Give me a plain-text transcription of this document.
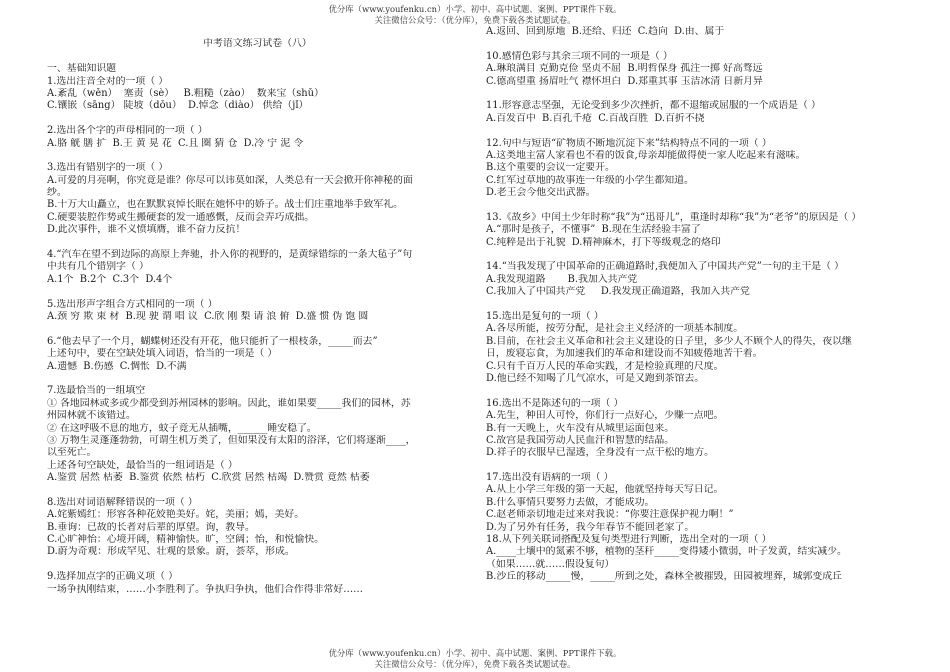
优分库（www.youfenku.cn）小学、初中、高中试题、案例、PPT课件下载。
关注微信公众号：（优分库），免费下载各类试题试卷。
中考语文练习试卷（八）
一、基础知识题
1.选出注音全对的一项（ ）
A.紊乱（wěn）  塞责（sè）   B.粗糙（zào）  数来宝（shǔ）
C.镶嵌（sāng） 陡坡（dǒu）  D.悼念（diào） 供给（jǐ）
2.选出各个字的声母相同的一项（ ）
A.胳 觥 膳 扩  B.王 黄 晃 花  C.且 圈 猜 仓  D.冷 宁 泥 令
3.选出有错别字的一项（ ）
A.可爱的月亮啊，你究竟是谁？你尽可以讳莫如深，人类总有一天会掀开你神秘的面
纱。
B.十万大山矗立，也在默默哀悼长眠在她怀中的娇子。战士们庄重地举手致军礼。
C.硬要装腔作势或生搬硬套的发一通感慨，反而会弄巧成拙。
D.此次事件，谁不义愤填膺，谁不奋力反抗！
4.“汽车在望不到边际的高原上奔驰，扑入你的视野的，是黄绿错综的一条大毡子”句
中共有几个错别字（ ）
A.1个  B.2个  C.3个  D.4个
5.选出形声字组合方式相同的一项（ ）
A.颈 穷 欺 束 材  B.现 驶 谓 唱 议  C.欣 刚 梨 请 浪 俯  D.盛 惯 伪 饱 圆
6.“他去早了一个月，蝴蝶树还没有开花，他只能折了一根枝条，_____而去”
上述句中，要在空缺处填入词语，恰当的一项是（ ）
A.遗憾  B.伤感  C.惆怅  D.不满
7.选最恰当的一组填空
① 各地园林或多或少都受到苏州园林的影响。因此，谁如果要_____我们的园林，苏
州园林就不该错过。
② 在这呼吸不息的地方，蚊子竟无从插嘴，______睡安稳了。
③ 万物生灵蓬蓬勃勃，可谓生机万类了，但如果没有太阳的浴泽，它们将逐渐____，
以至死亡。
上述各句空缺处，最恰当的一组词语是（ ）
A.鉴赏 居然 枯萎  B.鉴赏 依然 枯朽  C.欣赏 居然 枯竭  D.赞赏 竟然 枯萎
8.选出对词语解释错误的一项（ ）
A.姹紫嫣红：形容各种花姣艳美好。姹，美丽；嫣，美好。
B.垂询：已故的长者对后辈的厚望。询，教导。
C.心旷神怡：心境开阔，精神愉快。旷，空阔；怡，和悦愉快。
D.蔚为奇观：形成罕见、壮观的景象。蔚，荟萃，形成。
9.选择加点字的正确义项（ ）
一场争执刚结束，……小李胜利了。争执归争执，他们合作得非常好……
A.返回、回到原地  B.还给、归还  C.趋向  D.由、属于
10.感情色彩与其余三项不同的一项是（ ）
A.琳琅满目 克勤克俭 坚贞不屈  B.明哲保身 孤注一掷 好高骛远
C.德高望重 扬眉吐气 襟怀坦白  D.郑重其事 玉洁冰清 日新月异
11.形容意志坚强，无论受到多少次挫折，都不退缩或屈服的一个成语是（ ）
A.百发百中  B.百孔千疮  C.百战百胜  D.百折不挠
12.句中与短语“矿物质不断地沉淀下来”结构特点不同的一项（ ）
A.这类地主富人家看也不看的饭食,母亲却能做得使一家人吃起来有滋味。
B.这个重要的会议一定要开。
C.红军过草地的故事连一年级的小学生都知道。
D.老王会今他交出武器。
13.《故乡》中闰土少年时称“我”为“迅哥儿”，重逢时却称“我”为“老爷”的原因是（ ）
A.“那时是孩子，不懂事”  B.现在生活经验丰富了
C.纯粹是出于礼貌  D.精神麻木，打下等级观念的烙印
14.“当我发现了中国革命的正确道路时,我便加入了中国共产党”一句的主干是（ ）
A.我发现道路       B.我加入共产党
C.我加入了中国共产党     D.我发现正确道路，我加入共产党
15.选出是复句的一项（ ）
A.各尽所能，按劳分配，是社会主义经济的一项基本制度。
B.目前，在社会主义革命和社会主义建设的日子里，多少人不顾个人的得失，夜以继
日，废寝忘食，为加速我们的革命和建设而不知疲倦地苦干着。
C.只有千百万人民的革命实践，才是检验真理的尺度。
D.他已经不知喝了几气凉水，可是又跑到茶馆去。
16.选出不是陈述句的一项（ ）
A.先生，种田人可怜，你们行一点好心，少赚一点吧。
B.有一天晚上，火车没有从城里运面包来。
C.故宫是我国劳动人民血汗和智慧的结晶。
D.祥子的衣服早已湿透，全身没有一点干松的地方。
17.选出没有语病的一项（ ）
A.从上小学三年级的第一天起，他就坚持每天写日记。
B.什么事情只要努力去做，才能成功。
C.赵老师亲切地走过来对我说：“你要注意保护视力啊！”
D.为了另外有任务，我今年春节不能回老家了。
18.从下列关联词搭配及复句类型进行判断，选出全对的一项（ ）
A.____土壤中的氮素不够，植物的茎秆_____变得矮小微弱，叶子发黄，结实减少。
（如果……就……假设复句）
B.沙丘的移动_____慢，_____所到之处，森林全被摧毁，田园被埋葬，城郭变成丘
优分库（www.youfenku.cn）小学、初中、高中试题、案例、PPT课件下载。
关注微信公众号：（优分库），免费下载各类试题试卷。
